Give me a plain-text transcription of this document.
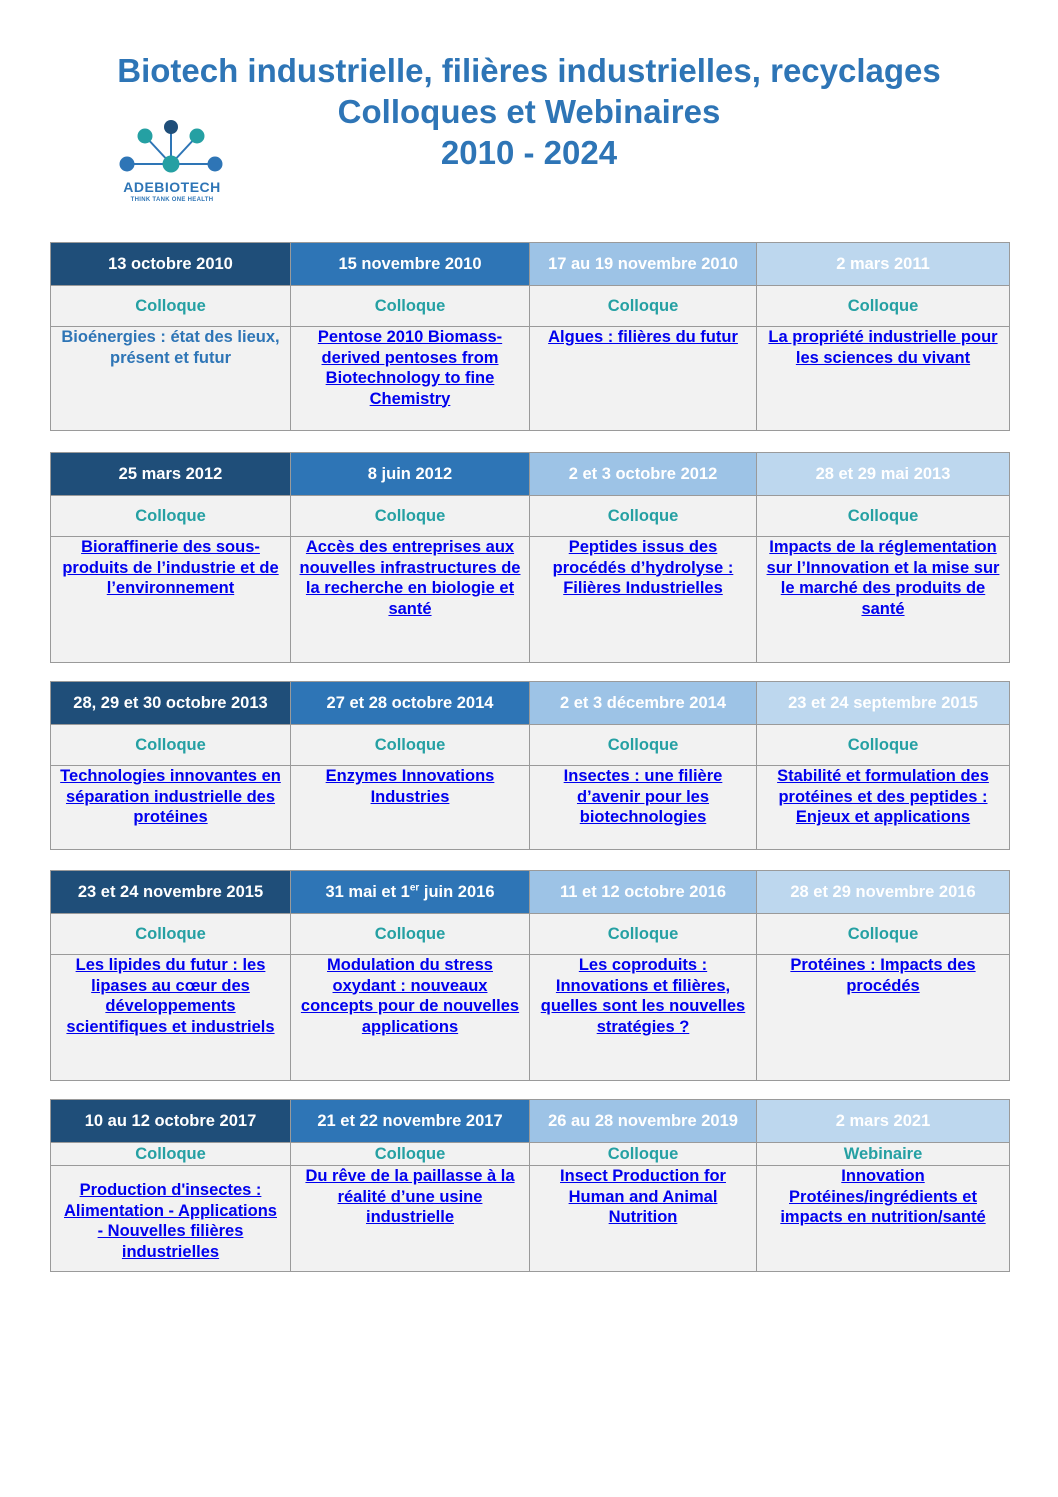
Biotech industrielle, filières industrielles, recyclages
Colloques et Webinaires
2010 - 2024
ADEBIOTECH
THINK TANK ONE HEALTH
13 octobre 2010	15 novembre 2010	17 au 19 novembre 2010	2 mars 2011
Colloque	Colloque	Colloque	Colloque
Bioénergies : état des lieux, présent et futur	Pentose 2010 Biomass-derived pentoses from Biotechnology to fine Chemistry	Algues : filières du futur	La propriété industrielle pour les sciences du vivant
25 mars 2012	8 juin 2012	2 et 3 octobre 2012	28 et 29 mai 2013
Colloque	Colloque	Colloque	Colloque
Bioraffinerie des sous-produits de l’industrie et de l’environnement	Accès des entreprises aux nouvelles infrastructures de la recherche en biologie et santé	Peptides issus des procédés d’hydrolyse : Filières Industrielles	Impacts de la réglementation sur l’Innovation et la mise sur le marché des produits de santé
28, 29 et 30 octobre 2013	27 et 28 octobre 2014	2 et 3 décembre 2014	23 et 24 septembre 2015
Colloque	Colloque	Colloque	Colloque
Technologies innovantes en séparation industrielle des protéines	Enzymes Innovations Industries	Insectes : une filière d’avenir pour les biotechnologies	Stabilité et formulation des protéines et des peptides : Enjeux et applications
23 et 24 novembre 2015	31 mai et 1er juin 2016	11 et 12 octobre 2016	28 et 29 novembre 2016
Colloque	Colloque	Colloque	Colloque
Les lipides du futur : les lipases au cœur des développements scientifiques et industriels	Modulation du stress oxydant : nouveaux concepts pour de nouvelles applications	Les coproduits : Innovations et filières, quelles sont les nouvelles stratégies ?	Protéines : Impacts des procédés
10 au 12 octobre 2017	21 et 22 novembre 2017	26 au 28 novembre 2019	2 mars 2021
Colloque	Colloque	Colloque	Webinaire
Production d'insectes : Alimentation - Applications - Nouvelles filières industrielles	Du rêve de la paillasse à la réalité d’une usine industrielle	Insect Production for Human and Animal Nutrition	Innovation Protéines/ingrédients et impacts en nutrition/santé
